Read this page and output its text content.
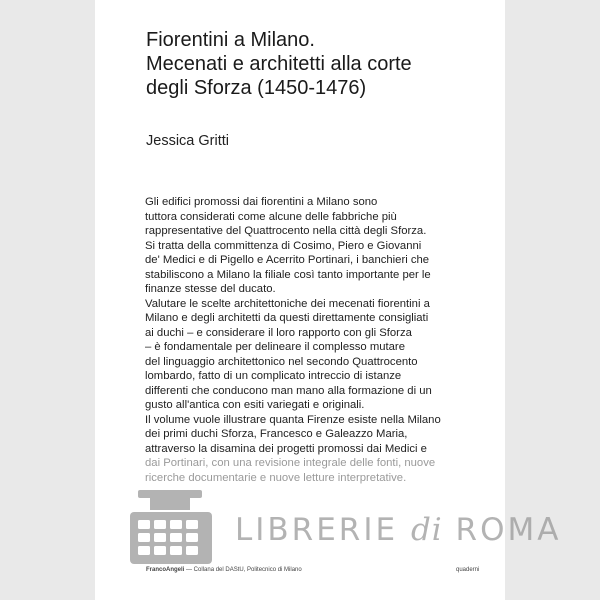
Fiorentini a Milano.
Mecenati e architetti alla corte
degli Sforza (1450-1476)
Jessica Gritti
Gli edifici promossi dai fiorentini a Milano sono
tuttora considerati come alcune delle fabbriche più
rappresentative del Quattrocento nella città degli Sforza.
Si tratta della committenza di Cosimo, Piero e Giovanni
de' Medici e di Pigello e Acerrito Portinari, i banchieri che
stabiliscono a Milano la filiale così tanto importante per le
finanze stesse del ducato.
Valutare le scelte architettoniche dei mecenati fiorentini a
Milano e degli architetti da questi direttamente consigliati
ai duchi – e considerare il loro rapporto con gli Sforza
– è fondamentale per delineare il complesso mutare
del linguaggio architettonico nel secondo Quattrocento
lombardo, fatto di un complicato intreccio di istanze
differenti che conducono man mano alla formazione di un
gusto all'antica con esiti variegati e originali.
Il volume vuole illustrare quanta Firenze esiste nella Milano
dei primi duchi Sforza, Francesco e Galeazzo Maria,
attraverso la disamina dei progetti promossi dai Medici e
dai Portinari, con una revisione integrale delle fonti, nuove
ricerche documentarie e nuove letture interpretative.
FrancoAngeli — Collana del DAStU, Politecnico di Milano	quaderni
LIBRERIE di ROMA
